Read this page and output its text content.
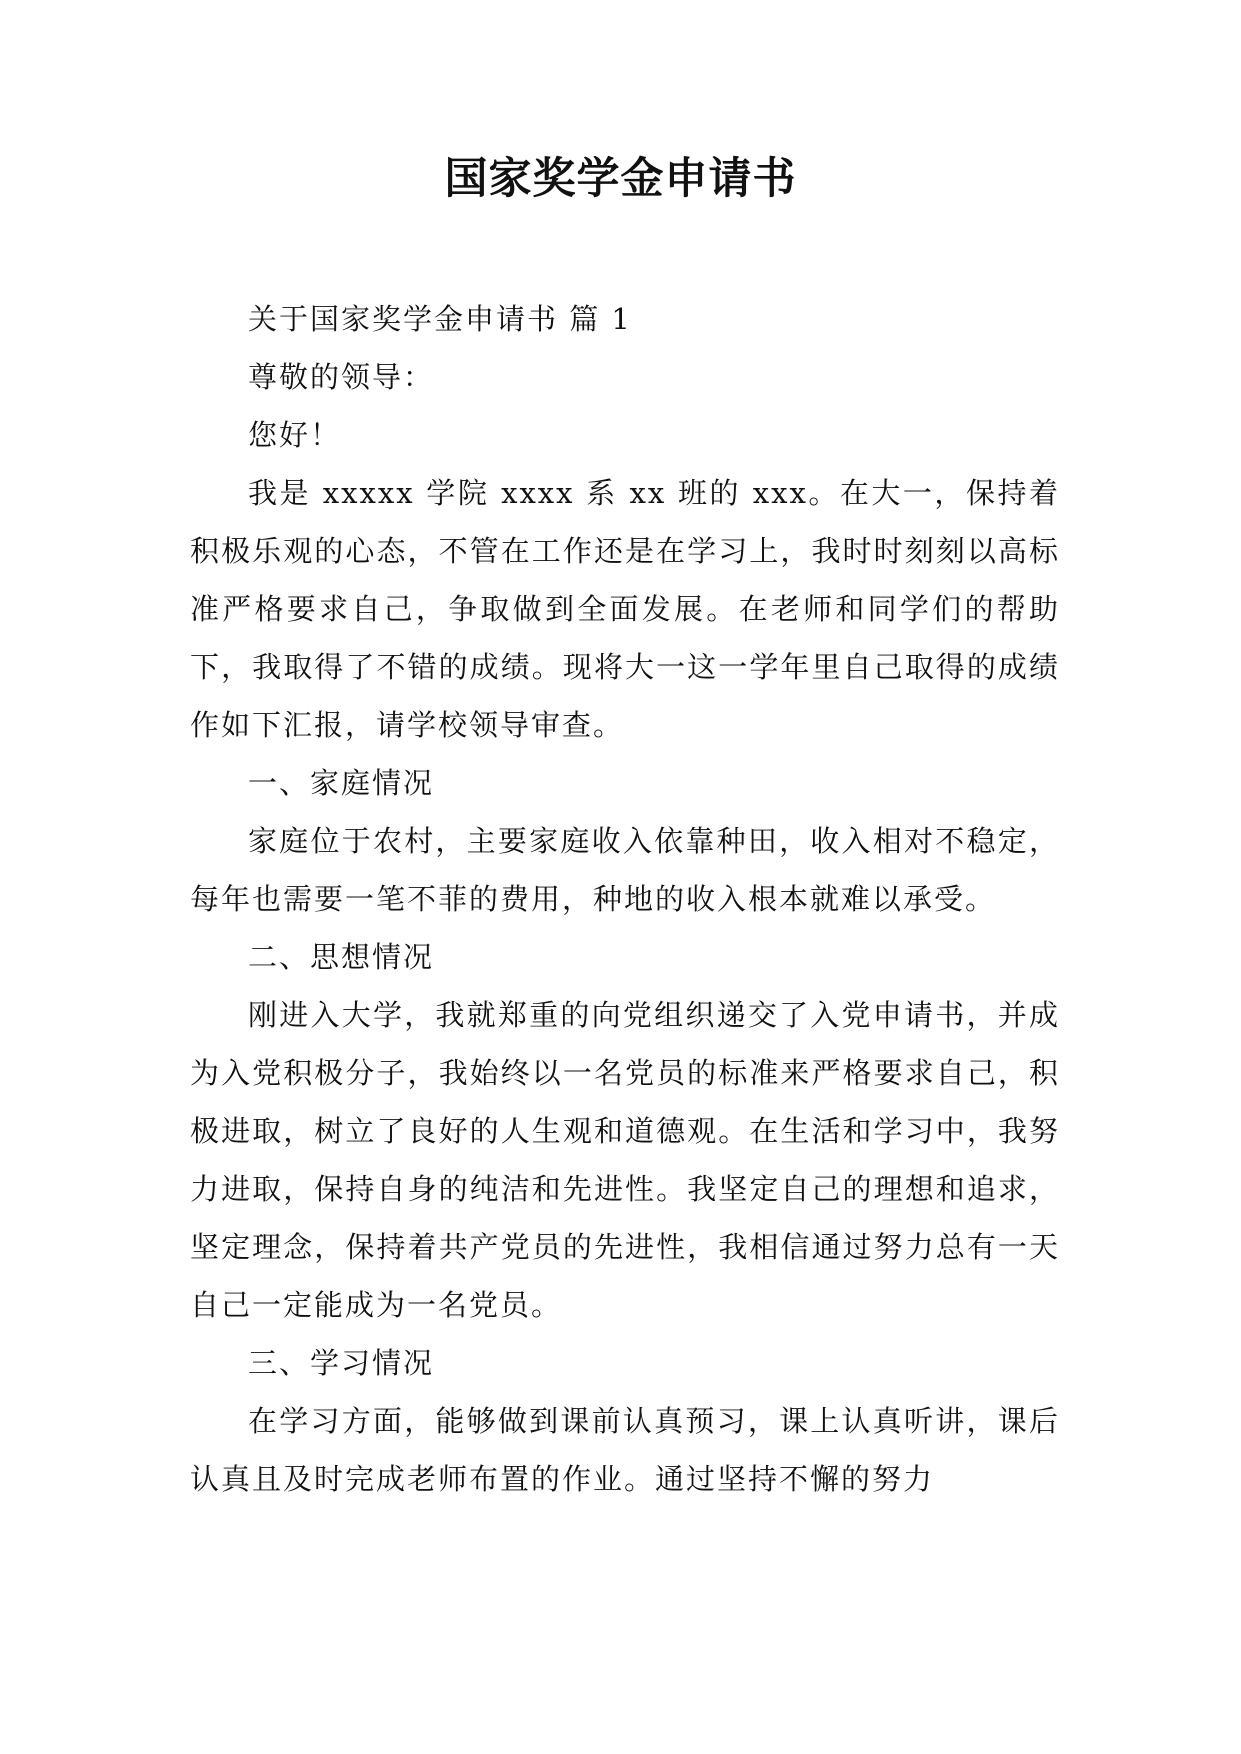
国家奖学金申请书

关于国家奖学金申请书 篇 1

尊敬的领导：

您好！

我是 xxxxx 学院 xxxx 系 xx 班的 xxx。在大一，保持着积极乐观的心态，不管在工作还是在学习上，我时时刻刻以高标准严格要求自己，争取做到全面发展。在老师和同学们的帮助下，我取得了不错的成绩。现将大一这一学年里自己取得的成绩作如下汇报，请学校领导审查。

一、家庭情况

家庭位于农村，主要家庭收入依靠种田，收入相对不稳定，每年也需要一笔不菲的费用，种地的收入根本就难以承受。

二、思想情况

刚进入大学，我就郑重的向党组织递交了入党申请书，并成为入党积极分子，我始终以一名党员的标准来严格要求自己，积极进取，树立了良好的人生观和道德观。在生活和学习中，我努力进取，保持自身的纯洁和先进性。我坚定自己的理想和追求，坚定理念，保持着共产党员的先进性，我相信通过努力总有一天自己一定能成为一名党员。

三、学习情况

在学习方面，能够做到课前认真预习，课上认真听讲，课后认真且及时完成老师布置的作业。通过坚持不懈的努力
